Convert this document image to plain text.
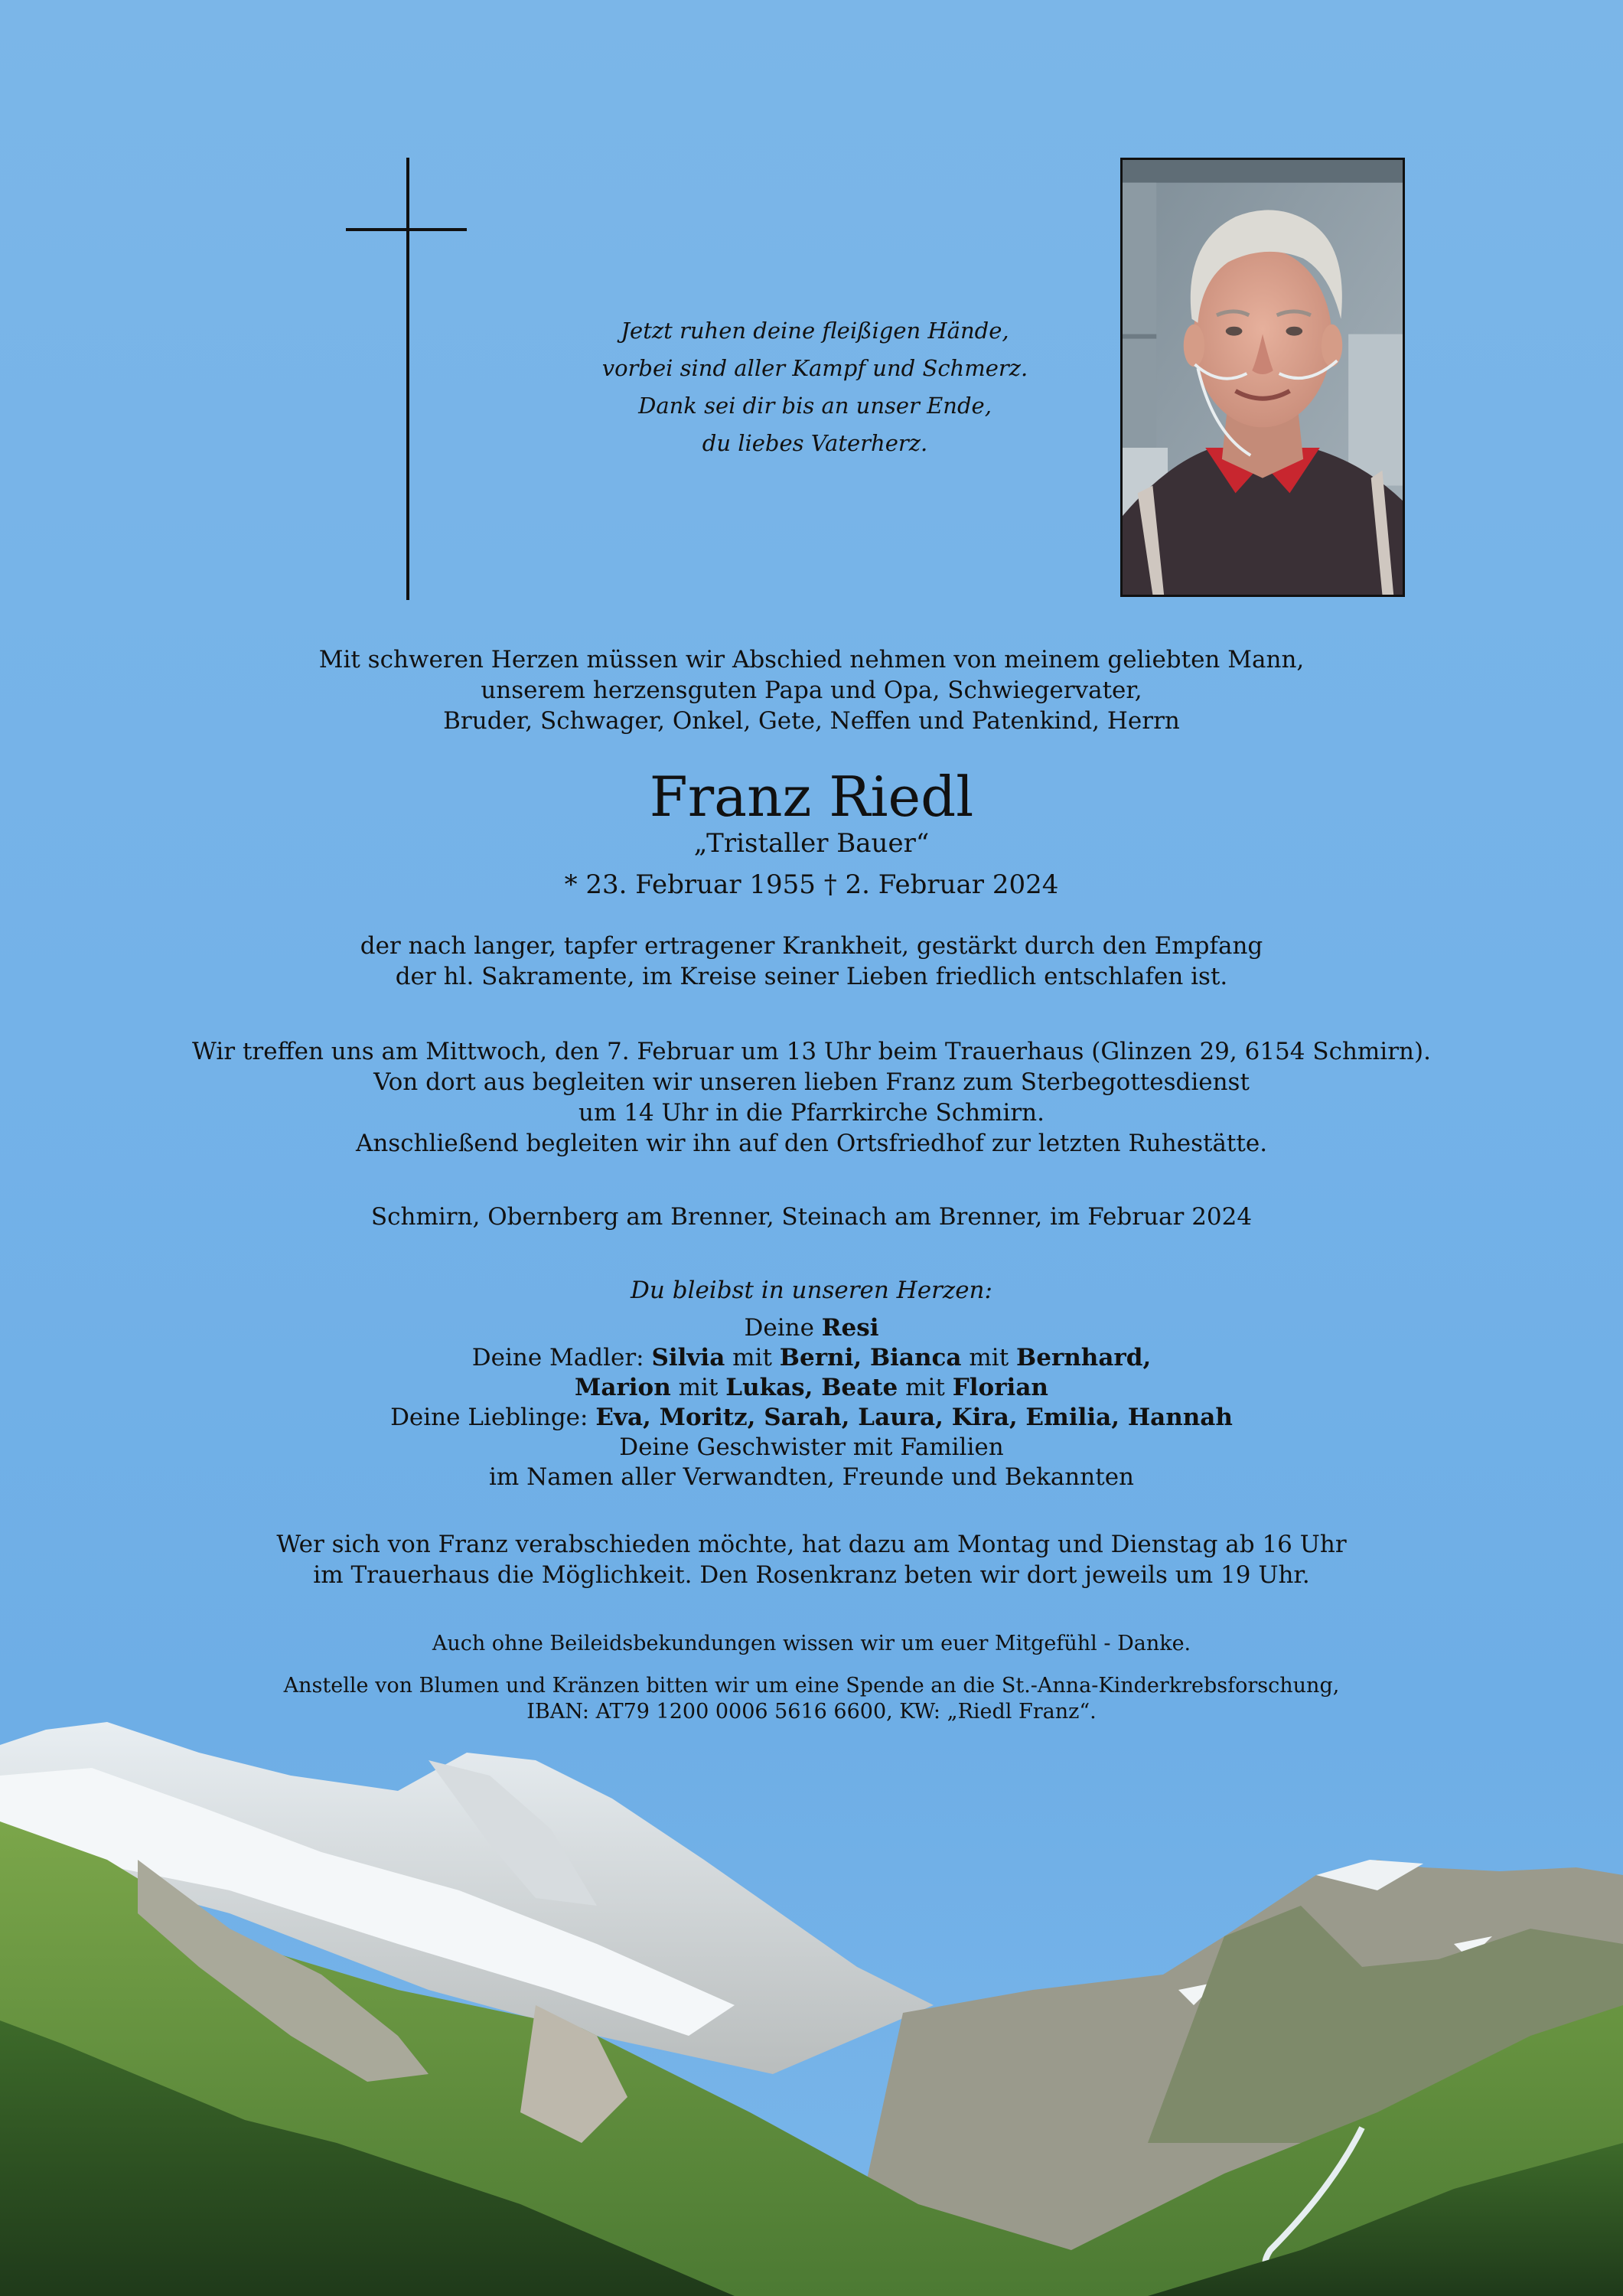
Jetzt ruhen deine fleißigen Hände,
vorbei sind aller Kampf und Schmerz.
Dank sei dir bis an unser Ende,
du liebes Vaterherz.
Mit schweren Herzen müssen wir Abschied nehmen von meinem geliebten Mann,
unserem herzensguten Papa und Opa, Schwiegervater,
Bruder, Schwager, Onkel, Gete, Neffen und Patenkind, Herrn
Franz Riedl
„Tristaller Bauer“
* 23. Februar 1955 † 2. Februar 2024
der nach langer, tapfer ertragener Krankheit, gestärkt durch den Empfang
der hl. Sakramente, im Kreise seiner Lieben friedlich entschlafen ist.
Wir treffen uns am Mittwoch, den 7. Februar um 13 Uhr beim Trauerhaus (Glinzen 29, 6154 Schmirn).
Von dort aus begleiten wir unseren lieben Franz zum Sterbegottesdienst
um 14 Uhr in die Pfarrkirche Schmirn.
Anschließend begleiten wir ihn auf den Ortsfriedhof zur letzten Ruhestätte.
Schmirn, Obernberg am Brenner, Steinach am Brenner, im Februar 2024
Du bleibst in unseren Herzen:
Deine Resi
Deine Madler: Silvia mit Berni, Bianca mit Bernhard,
Marion mit Lukas, Beate mit Florian
Deine Lieblinge: Eva, Moritz, Sarah, Laura, Kira, Emilia, Hannah
Deine Geschwister mit Familien
im Namen aller Verwandten, Freunde und Bekannten
Wer sich von Franz verabschieden möchte, hat dazu am Montag und Dienstag ab 16 Uhr
im Trauerhaus die Möglichkeit. Den Rosenkranz beten wir dort jeweils um 19 Uhr.
Auch ohne Beileidsbekundungen wissen wir um euer Mitgefühl - Danke.
Anstelle von Blumen und Kränzen bitten wir um eine Spende an die St.-Anna-Kinderkrebsforschung,
IBAN: AT79 1200 0006 5616 6600, KW: „Riedl Franz“.
